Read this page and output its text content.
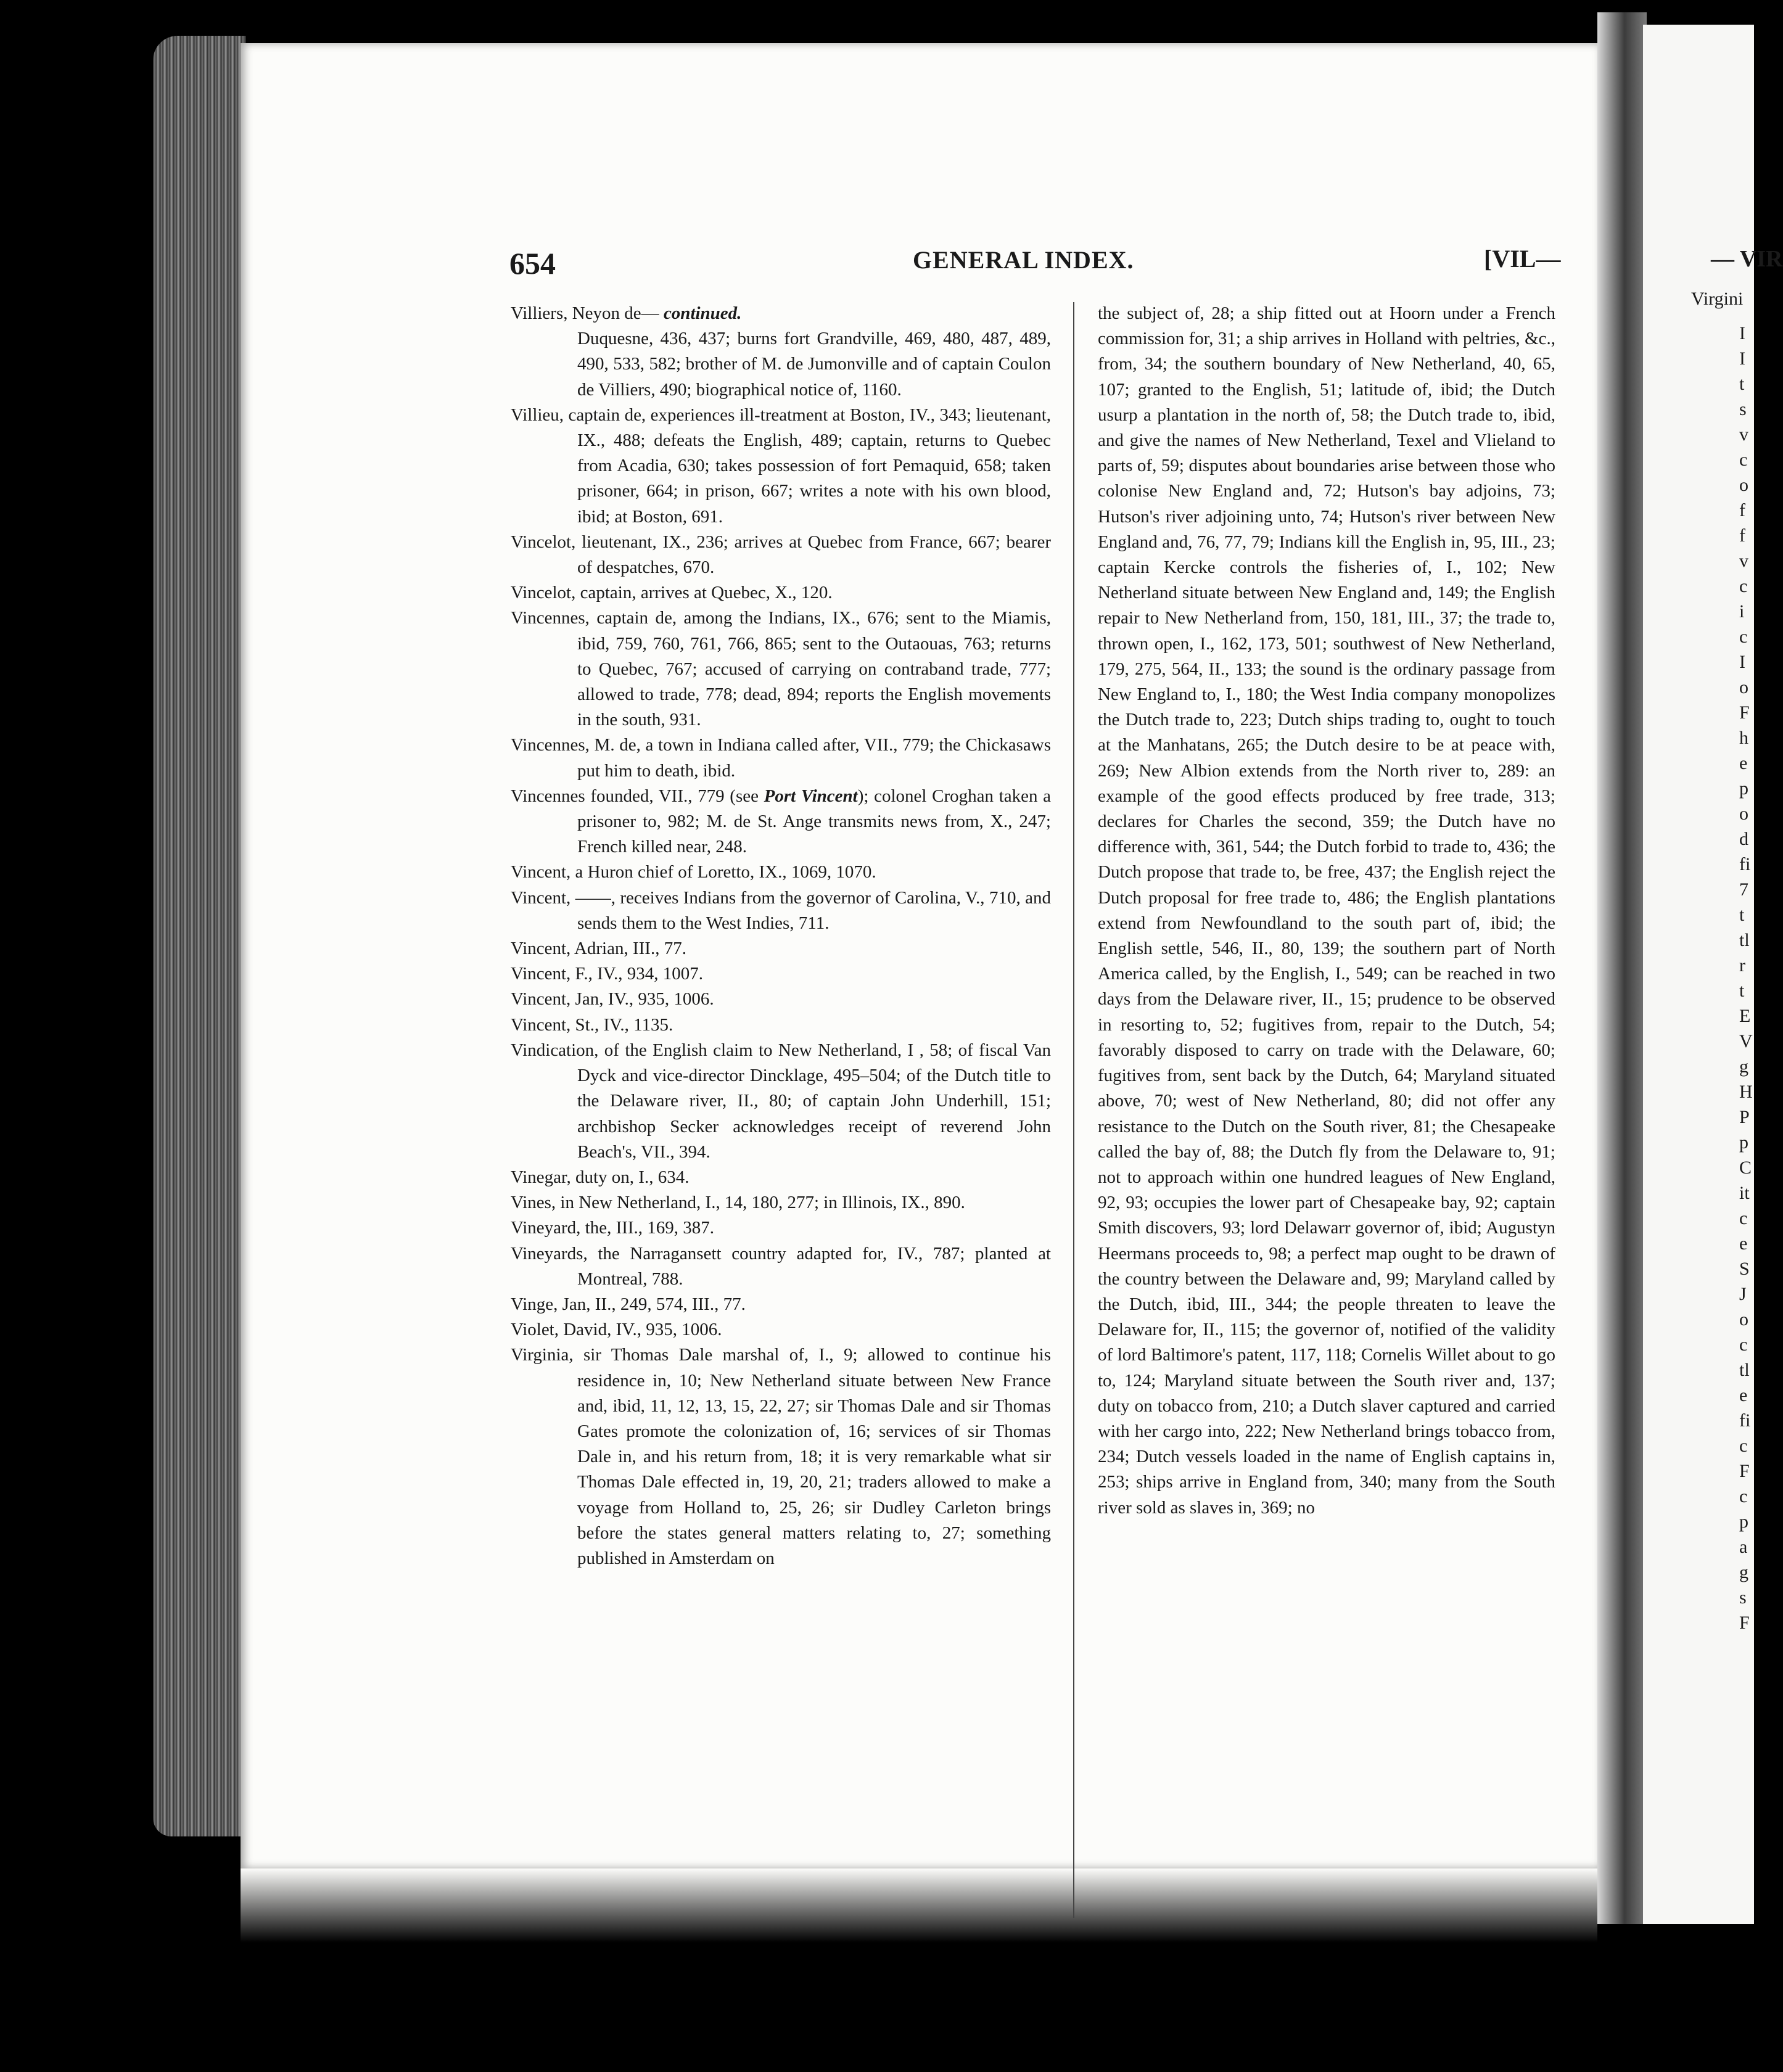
654	GENERAL INDEX.	[VIL—

Villiers, Neyon de— continued.

Duquesne, 436, 437; burns fort Grandville, 469, 480, 487, 489, 490, 533, 582; brother of M. de Jumonville and of captain Coulon de Villiers, 490; biographical notice of, 1160.

Villieu, captain de, experiences ill-treatment at Boston, IV., 343; lieutenant, IX., 488; defeats the English, 489; captain, returns to Quebec from Acadia, 630; takes possession of fort Pemaquid, 658; taken prisoner, 664; in prison, 667; writes a note with his own blood, ibid; at Boston, 691.

Vincelot, lieutenant, IX., 236; arrives at Quebec from France, 667; bearer of despatches, 670.

Vincelot, captain, arrives at Quebec, X., 120.

Vincennes, captain de, among the Indians, IX., 676; sent to the Miamis, ibid, 759, 760, 761, 766, 865; sent to the Outaouas, 763; returns to Quebec, 767; accused of carrying on contraband trade, 777; allowed to trade, 778; dead, 894; reports the English movements in the south, 931.

Vincennes, M. de, a town in Indiana called after, VII., 779; the Chickasaws put him to death, ibid.

Vincennes founded, VII., 779 (see Port Vincent); colonel Croghan taken a prisoner to, 982; M. de St. Ange transmits news from, X., 247; French killed near, 248.

Vincent, a Huron chief of Loretto, IX., 1069, 1070.

Vincent, ——, receives Indians from the governor of Carolina, V., 710, and sends them to the West Indies, 711.

Vincent, Adrian, III., 77.

Vincent, F., IV., 934, 1007.

Vincent, Jan, IV., 935, 1006.

Vincent, St., IV., 1135.

Vindication, of the English claim to New Netherland, I , 58; of fiscal Van Dyck and vice-director Dincklage, 495–504; of the Dutch title to the Delaware river, II., 80; of captain John Underhill, 151; archbishop Secker acknowledges receipt of reverend John Beach's, VII., 394.

Vinegar, duty on, I., 634.

Vines, in New Netherland, I., 14, 180, 277; in Illinois, IX., 890.

Vineyard, the, III., 169, 387.

Vineyards, the Narragansett country adapted for, IV., 787; planted at Montreal, 788.

Vinge, Jan, II., 249, 574, III., 77.

Violet, David, IV., 935, 1006.

Virginia, sir Thomas Dale marshal of, I., 9; allowed to continue his residence in, 10; New Netherland situate between New France and, ibid, 11, 12, 13, 15, 22, 27; sir Thomas Dale and sir Thomas Gates promote the colonization of, 16; services of sir Thomas Dale in, and his return from, 18; it is very remarkable what sir Thomas Dale effected in, 19, 20, 21; traders allowed to make a voyage from Holland to, 25, 26; sir Dudley Carleton brings before the states general matters relating to, 27; something published in Amsterdam on

the subject of, 28; a ship fitted out at Hoorn under a French commission for, 31; a ship arrives in Holland with peltries, &c., from, 34; the southern boundary of New Netherland, 40, 65, 107; granted to the English, 51; latitude of, ibid; the Dutch usurp a plantation in the north of, 58; the Dutch trade to, ibid, and give the names of New Netherland, Texel and Vlieland to parts of, 59; disputes about boundaries arise between those who colonise New England and, 72; Hutson's bay adjoins, 73; Hutson's river adjoining unto, 74; Hutson's river between New England and, 76, 77, 79; Indians kill the English in, 95, III., 23; captain Kercke controls the fisheries of, I., 102; New Netherland situate between New England and, 149; the English repair to New Netherland from, 150, 181, III., 37; the trade to, thrown open, I., 162, 173, 501; southwest of New Netherland, 179, 275, 564, II., 133; the sound is the ordinary passage from New England to, I., 180; the West India company monopolizes the Dutch trade to, 223; Dutch ships trading to, ought to touch at the Manhatans, 265; the Dutch desire to be at peace with, 269; New Albion extends from the North river to, 289: an example of the good effects produced by free trade, 313; declares for Charles the second, 359; the Dutch have no difference with, 361, 544; the Dutch forbid to trade to, 436; the Dutch propose that trade to, be free, 437; the English reject the Dutch proposal for free trade to, 486; the English plantations extend from Newfoundland to the south part of, ibid; the English settle, 546, II., 80, 139; the southern part of North America called, by the English, I., 549; can be reached in two days from the Delaware river, II., 15; prudence to be observed in resorting to, 52; fugitives from, repair to the Dutch, 54; favorably disposed to carry on trade with the Delaware, 60; fugitives from, sent back by the Dutch, 64; Maryland situated above, 70; west of New Netherland, 80; did not offer any resistance to the Dutch on the South river, 81; the Chesapeake called the bay of, 88; the Dutch fly from the Delaware to, 91; not to approach within one hundred leagues of New England, 92, 93; occupies the lower part of Chesapeake bay, 92; captain Smith discovers, 93; lord Delawarr governor of, ibid; Augustyn Heermans proceeds to, 98; a perfect map ought to be drawn of the country between the Delaware and, 99; Maryland called by the Dutch, ibid, III., 344; the people threaten to leave the Delaware for, II., 115; the governor of, notified of the validity of lord Baltimore's patent, 117, 118; Cornelis Willet about to go to, 124; Maryland situate between the South river and, 137; duty on tobacco from, 210; a Dutch slaver captured and carried with her cargo into, 222; New Netherland brings tobacco from, 234; Dutch vessels loaded in the name of English captains in, 253; ships arrive in England from, 340; many from the South river sold as slaves in, 369; no

— VIR
Virgini
I
I
t
s
v
c
o
f
f
v
c
i
c
I
o
F
h
e
p
o
d
fi
7
t
tl
r
t
E
V
g
H
P
p
C
it
c
e
S
J
o
c
tl
e
fi
c
F
c
p
a
g
s
F
